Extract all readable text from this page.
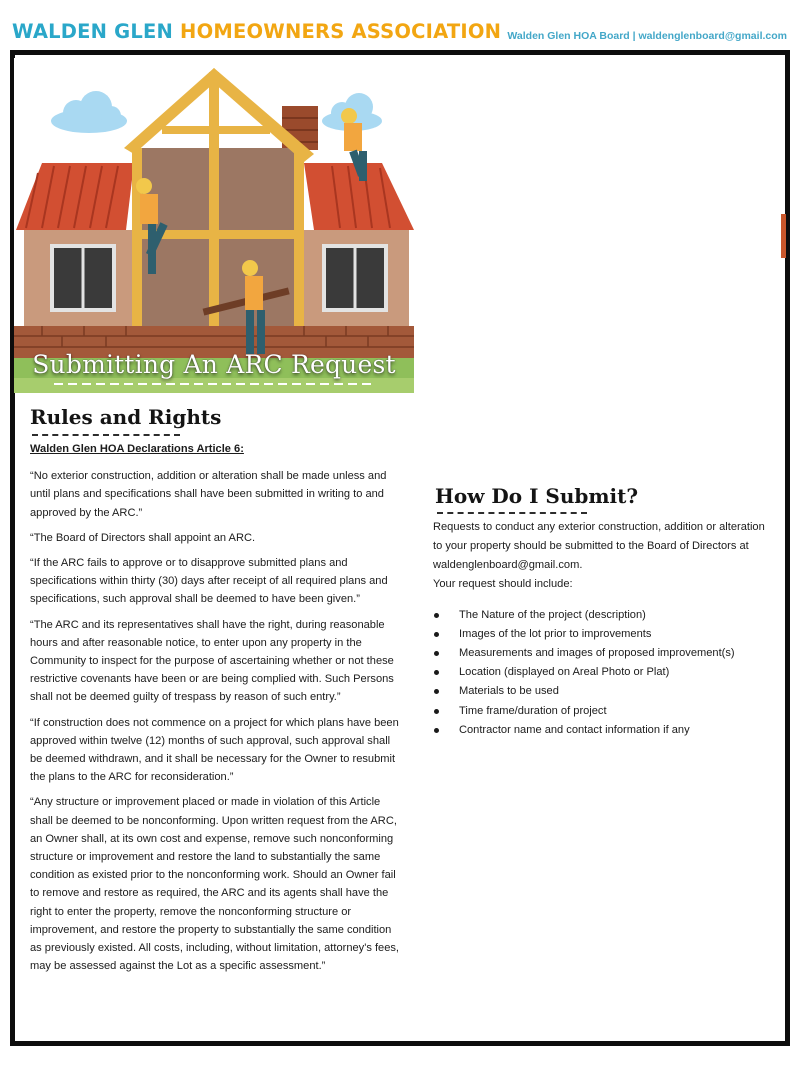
WALDEN GLEN HOMEOWNERS ASSOCIATION Walden Glen HOA Board | waldenglenboard@gmail.com
Submitting An ARC Request
Rules and Rights
Walden Glen HOA Declarations Article 6:

“No exterior construction, addition or alteration shall be made unless and until plans and specifications shall have been submitted in writing to and approved by the ARC.”

“The Board of Directors shall appoint an ARC.

“If the ARC fails to approve or to disapprove submitted plans and specifications within thirty (30) days after receipt of all required plans and specifications, such approval shall be deemed to have been given.”

“The ARC and its representatives shall have the right, during reasonable hours and after reasonable notice, to enter upon any property in the Community to inspect for the purpose of ascertaining whether or not these restrictive covenants have been or are being complied with. Such Persons shall not be deemed guilty of trespass by reason of such entry.”

“If construction does not commence on a project for which plans have been approved within twelve (12) months of such approval, such approval shall be deemed withdrawn, and it shall be necessary for the Owner to resubmit the plans to the ARC for reconsideration.”

“Any structure or improvement placed or made in violation of this Article shall be deemed to be nonconforming. Upon written request from the ARC, an Owner shall, at its own cost and expense, remove such nonconforming structure or improvement and restore the land to substantially the same condition as existed prior to the nonconforming work. Should an Owner fail to remove and restore as required, the ARC and its agents shall have the right to enter the property, remove the nonconforming structure or improvement, and restore the property to substantially the same condition as previously existed. All costs, including, without limitation, attorney's fees, may be assessed against the Lot as a specific assessment.”

How Do I Submit?
Requests to conduct any exterior construction, addition or alteration to your property should be submitted to the Board of Directors at waldenglenboard@gmail.com.
Your request should include:
The Nature of the project (description)
Images of the lot prior to improvements
Measurements and images of proposed improvement(s)
Location (displayed on Areal Photo or Plat)
Materials to be used
Time frame/duration of project
Contractor name and contact information if any
